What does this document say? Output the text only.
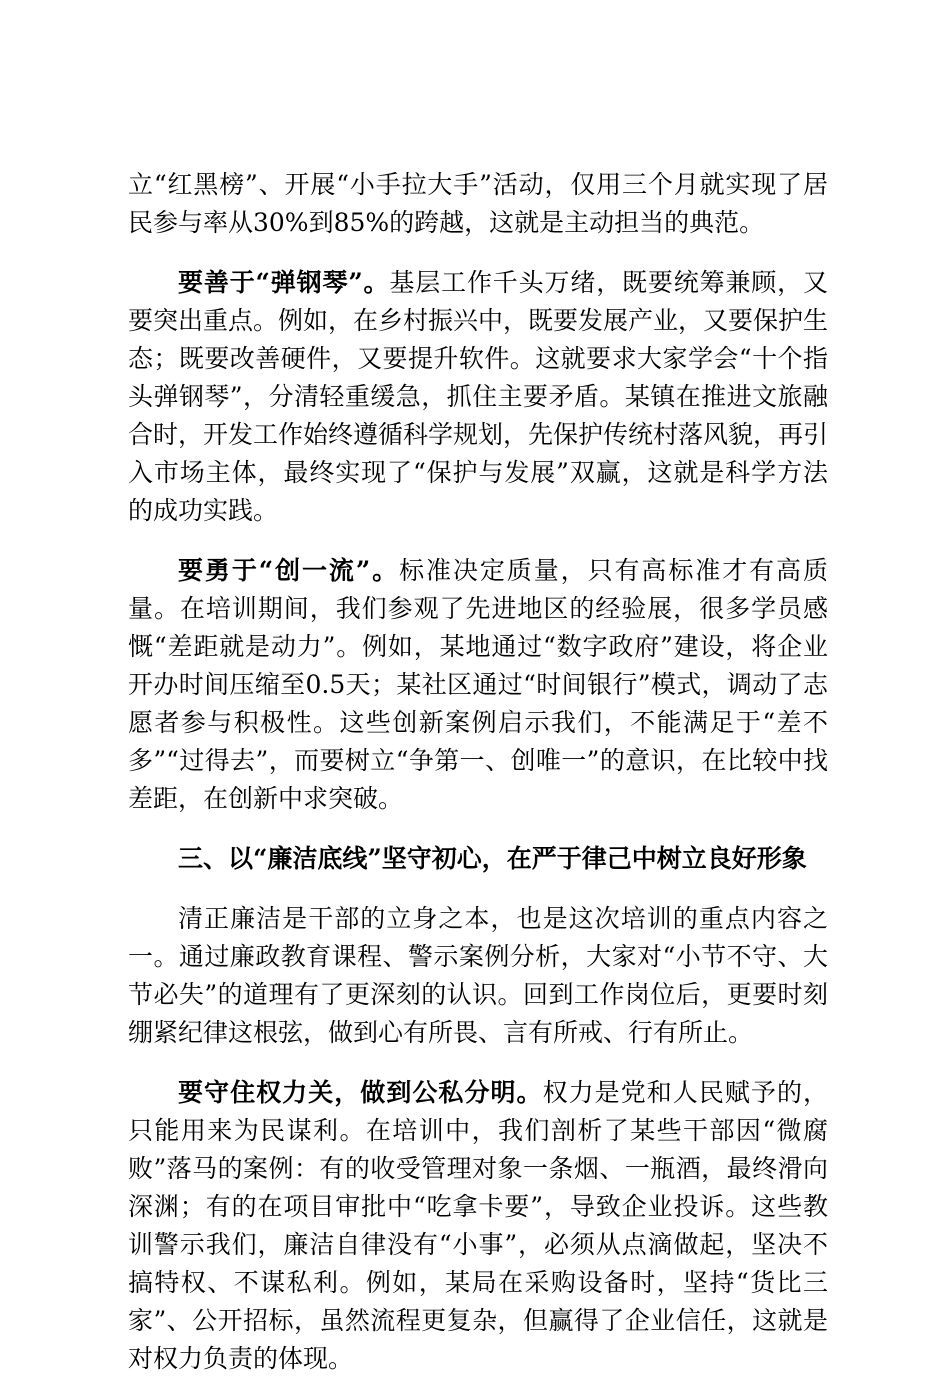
立“红黑榜”、开展“小手拉大手”活动，仅用三个月就实现了居民参与率从30%到85%的跨越，这就是主动担当的典范。

要善于“弹钢琴”。基层工作千头万绪，既要统筹兼顾，又要突出重点。例如，在乡村振兴中，既要发展产业，又要保护生态；既要改善硬件，又要提升软件。这就要求大家学会“十个指头弹钢琴”，分清轻重缓急，抓住主要矛盾。某镇在推进文旅融合时，开发工作始终遵循科学规划，先保护传统村落风貌，再引入市场主体，最终实现了“保护与发展”双赢，这就是科学方法的成功实践。

要勇于“创一流”。标准决定质量，只有高标准才有高质量。在培训期间，我们参观了先进地区的经验展，很多学员感慨“差距就是动力”。例如，某地通过“数字政府”建设，将企业开办时间压缩至0.5天；某社区通过“时间银行”模式，调动了志愿者参与积极性。这些创新案例启示我们，不能满足于“差不多”“过得去”，而要树立“争第一、创唯一”的意识，在比较中找差距，在创新中求突破。

三、以“廉洁底线”坚守初心，在严于律己中树立良好形象

清正廉洁是干部的立身之本，也是这次培训的重点内容之一。通过廉政教育课程、警示案例分析，大家对“小节不守、大节必失”的道理有了更深刻的认识。回到工作岗位后，更要时刻绷紧纪律这根弦，做到心有所畏、言有所戒、行有所止。

要守住权力关，做到公私分明。权力是党和人民赋予的，只能用来为民谋利。在培训中，我们剖析了某些干部因“微腐败”落马的案例：有的收受管理对象一条烟、一瓶酒，最终滑向深渊；有的在项目审批中“吃拿卡要”，导致企业投诉。这些教训警示我们，廉洁自律没有“小事”，必须从点滴做起，坚决不搞特权、不谋私利。例如，某局在采购设备时，坚持“货比三家”、公开招标，虽然流程更复杂，但赢得了企业信任，这就是对权力负责的体现。
